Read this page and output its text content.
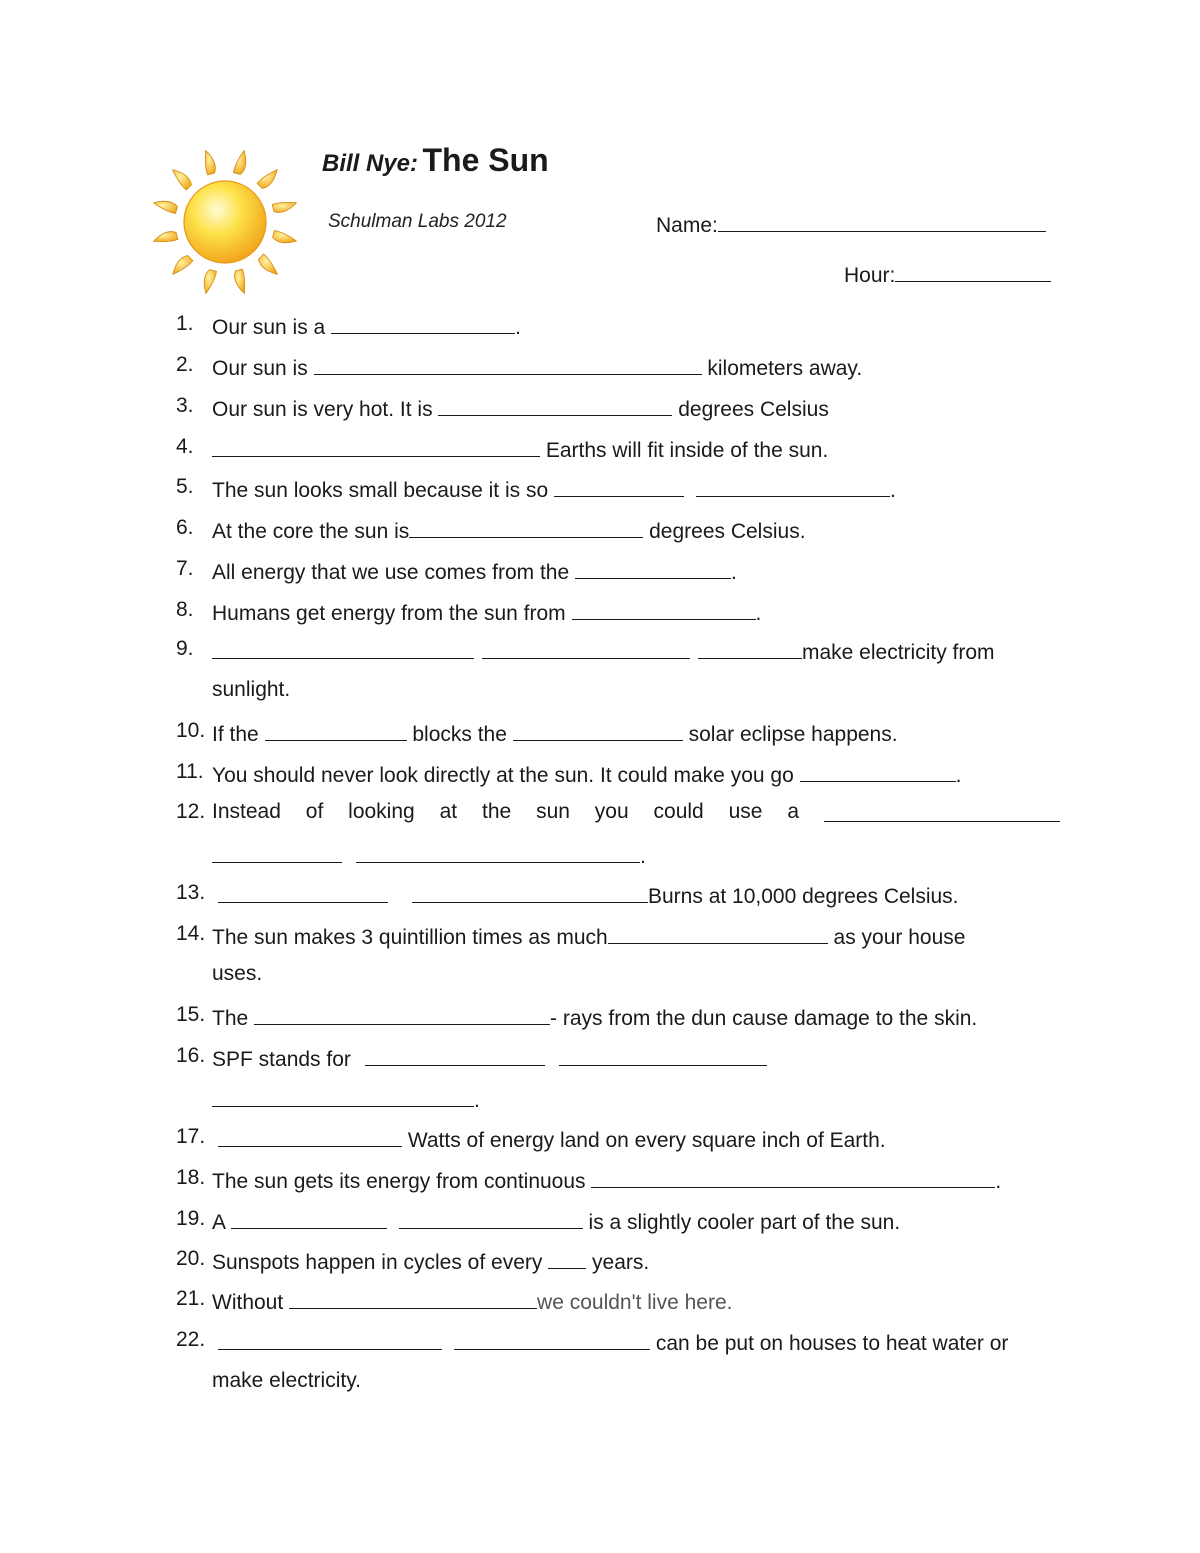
Bill Nye: The Sun
Schulman Labs 2012	Name:
Hour:
1. Our sun is a	.
2. Our sun is	kilometers away.
3. Our sun is very hot. It is	degrees Celsius
4.	Earths will fit inside of the sun.
5. The sun looks small because it is so	.
6. At the core the sun is	degrees Celsius.
7. All energy that we use comes from the	.
8. Humans get energy from the sun from	.
9.	make electricity from
sunlight.
10. If the	blocks the	solar eclipse happens.
11. You should never look directly at the sun. It could make you go	.
12. Instead of looking at the sun you could use a
.
13.	Burns at 10,000 degrees Celsius.
14. The sun makes 3 quintillion times as much	as your house
uses.
15. The	- rays from the dun cause damage to the skin.
16. SPF stands for
.
17.	Watts of energy land on every square inch of Earth.
18. The sun gets its energy from continuous	.
19. A	is a slightly cooler part of the sun.
20. Sunspots happen in cycles of every  years.
21. Without	we couldn't live here.
22.	can be put on houses to heat water or
make electricity.
